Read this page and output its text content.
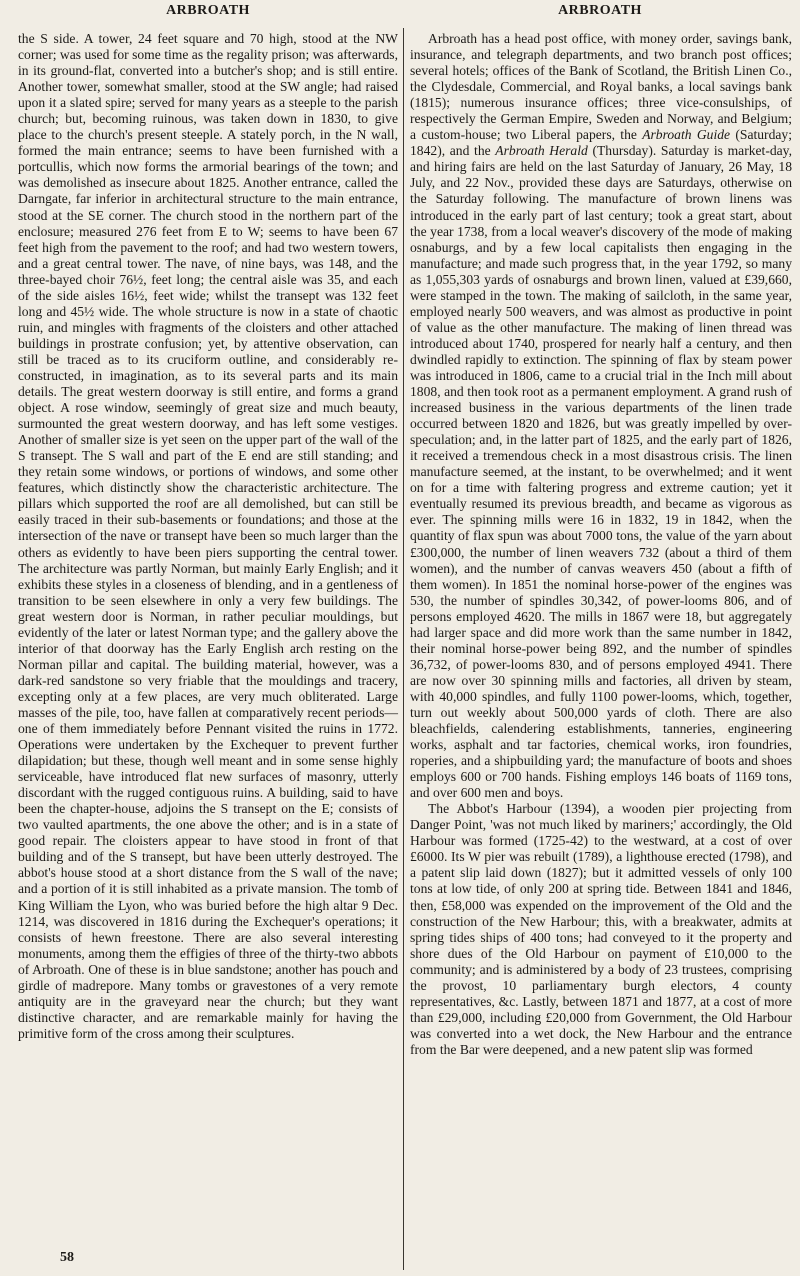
ARBROATH	ARBROATH

the S side. A tower, 24 feet square and 70 high, stood at the NW corner; was used for some time as the regality prison; was afterwards, in its ground-flat, converted into a butcher's shop; and is still entire. Another tower, somewhat smaller, stood at the SW angle; had raised upon it a slated spire; served for many years as a steeple to the parish church; but, becoming ruinous, was taken down in 1830, to give place to the church's present steeple. A stately porch, in the N wall, formed the main entrance; seems to have been furnished with a portcullis, which now forms the armorial bearings of the town; and was demolished as insecure about 1825. Another entrance, called the Darngate, far inferior in architectural structure to the main entrance, stood at the SE corner. The church stood in the northern part of the enclosure; measured 276 feet from E to W; seems to have been 67 feet high from the pavement to the roof; and had two western towers, and a great central tower. The nave, of nine bays, was 148, and the three-bayed choir 76½, feet long; the central aisle was 35, and each of the side aisles 16½, feet wide; whilst the transept was 132 feet long and 45½ wide. The whole structure is now in a state of chaotic ruin, and mingles with fragments of the cloisters and other attached buildings in prostrate confusion; yet, by attentive observation, can still be traced as to its cruciform outline, and considerably re-constructed, in imagination, as to its several parts and its main details. The great western doorway is still entire, and forms a grand object. A rose window, seemingly of great size and much beauty, surmounted the great western doorway, and has left some vestiges. Another of smaller size is yet seen on the upper part of the wall of the S transept. The S wall and part of the E end are still standing; and they retain some windows, or portions of windows, and some other features, which distinctly show the characteristic architecture. The pillars which supported the roof are all demolished, but can still be easily traced in their sub-basements or foundations; and those at the intersection of the nave or transept have been so much larger than the others as evidently to have been piers supporting the central tower. The architecture was partly Norman, but mainly Early English; and it exhibits these styles in a closeness of blending, and in a gentleness of transition to be seen elsewhere in only a very few buildings. The great western door is Norman, in rather peculiar mouldings, but evidently of the later or latest Norman type; and the gallery above the interior of that doorway has the Early English arch resting on the Norman pillar and capital. The building material, however, was a dark-red sandstone so very friable that the mouldings and tracery, excepting only at a few places, are very much obliterated. Large masses of the pile, too, have fallen at comparatively recent periods—one of them immediately before Pennant visited the ruins in 1772. Operations were undertaken by the Exchequer to prevent further dilapidation; but these, though well meant and in some sense highly serviceable, have introduced flat new surfaces of masonry, utterly discordant with the rugged contiguous ruins. A building, said to have been the chapter-house, adjoins the S transept on the E; consists of two vaulted apartments, the one above the other; and is in a state of good repair. The cloisters appear to have stood in front of that building and of the S transept, but have been utterly destroyed. The abbot's house stood at a short distance from the S wall of the nave; and a portion of it is still inhabited as a private mansion. The tomb of King William the Lyon, who was buried before the high altar 9 Dec. 1214, was discovered in 1816 during the Exchequer's operations; it consists of hewn freestone. There are also several interesting monuments, among them the effigies of three of the thirty-two abbots of Arbroath. One of these is in blue sandstone; another has pouch and girdle of madrepore. Many tombs or gravestones of a very remote antiquity are in the graveyard near the church; but they want distinctive character, and are remarkable mainly for having the primitive form of the cross among their sculptures.

Arbroath has a head post office, with money order, savings bank, insurance, and telegraph departments, and two branch post offices; several hotels; offices of the Bank of Scotland, the British Linen Co., the Clydesdale, Commercial, and Royal banks, a local savings bank (1815); numerous insurance offices; three vice-consulships, of respectively the German Empire, Sweden and Norway, and Belgium; a custom-house; two Liberal papers, the Arbroath Guide (Saturday; 1842), and the Arbroath Herald (Thursday). Saturday is market-day, and hiring fairs are held on the last Saturday of January, 26 May, 18 July, and 22 Nov., provided these days are Saturdays, otherwise on the Saturday following. The manufacture of brown linens was introduced in the early part of last century; took a great start, about the year 1738, from a local weaver's discovery of the mode of making osnaburgs, and by a few local capitalists then engaging in the manufacture; and made such progress that, in the year 1792, so many as 1,055,303 yards of osnaburgs and brown linen, valued at £39,660, were stamped in the town. The making of sailcloth, in the same year, employed nearly 500 weavers, and was almost as productive in point of value as the other manufacture. The making of linen thread was introduced about 1740, prospered for nearly half a century, and then dwindled rapidly to extinction. The spinning of flax by steam power was introduced in 1806, came to a crucial trial in the Inch mill about 1808, and then took root as a permanent employment. A grand rush of increased business in the various departments of the linen trade occurred between 1820 and 1826, but was greatly impelled by over-speculation; and, in the latter part of 1825, and the early part of 1826, it received a tremendous check in a most disastrous crisis. The linen manufacture seemed, at the instant, to be overwhelmed; and it went on for a time with faltering progress and extreme caution; yet it eventually resumed its previous breadth, and became as vigorous as ever. The spinning mills were 16 in 1832, 19 in 1842, when the quantity of flax spun was about 7000 tons, the value of the yarn about £300,000, the number of linen weavers 732 (about a third of them women), and the number of canvas weavers 450 (about a fifth of them women). In 1851 the nominal horse-power of the engines was 530, the number of spindles 30,342, of power-looms 806, and of persons employed 4620. The mills in 1867 were 18, but aggregately had larger space and did more work than the same number in 1842, their nominal horse-power being 892, and the number of spindles 36,732, of power-looms 830, and of persons employed 4941. There are now over 30 spinning mills and factories, all driven by steam, with 40,000 spindles, and fully 1100 power-looms, which, together, turn out weekly about 500,000 yards of cloth. There are also bleachfields, calendering establishments, tanneries, engineering works, asphalt and tar factories, chemical works, iron foundries, roperies, and a shipbuilding yard; the manufacture of boots and shoes employs 600 or 700 hands. Fishing employs 146 boats of 1169 tons, and over 600 men and boys.

The Abbot's Harbour (1394), a wooden pier projecting from Danger Point, 'was not much liked by mariners;' accordingly, the Old Harbour was formed (1725-42) to the westward, at a cost of over £6000. Its W pier was rebuilt (1789), a lighthouse erected (1798), and a patent slip laid down (1827); but it admitted vessels of only 100 tons at low tide, of only 200 at spring tide. Between 1841 and 1846, then, £58,000 was expended on the improvement of the Old and the construction of the New Harbour; this, with a breakwater, admits at spring tides ships of 400 tons; had conveyed to it the property and shore dues of the Old Harbour on payment of £10,000 to the community; and is administered by a body of 23 trustees, comprising the provost, 10 parliamentary burgh electors, 4 county representatives, &c. Lastly, between 1871 and 1877, at a cost of more than £29,000, including £20,000 from Government, the Old Harbour was converted into a wet dock, the New Harbour and the entrance from the Bar were deepened, and a new patent slip was formed

58
